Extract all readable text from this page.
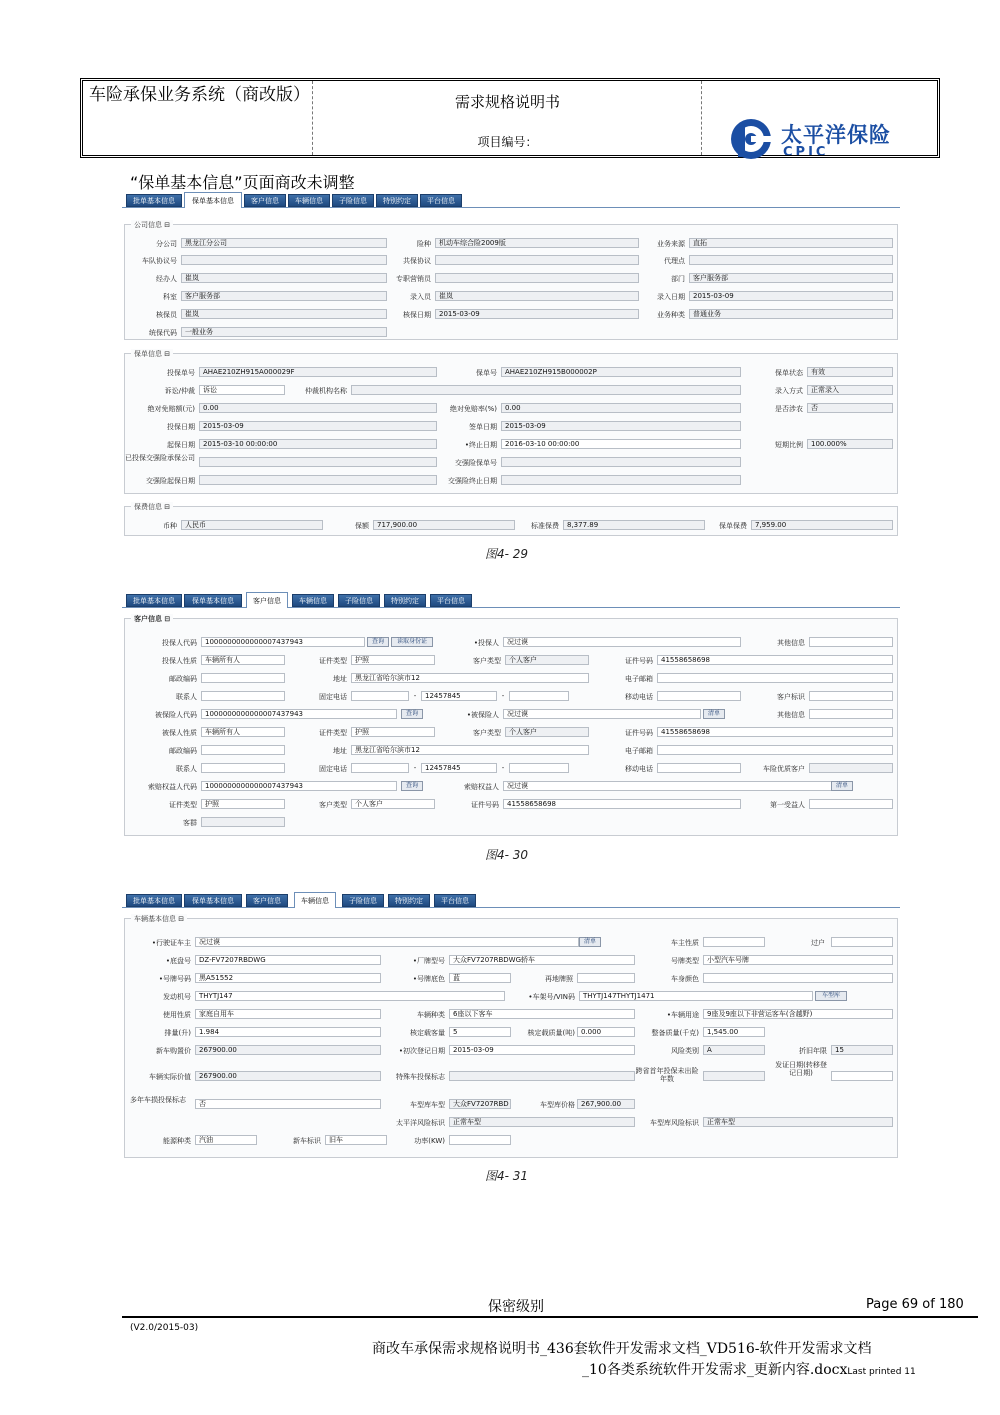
车险承保业务系统（商改版）	需求规格说明书
项目编号：	太平洋保险
CPIC
“保单基本信息”页面商改未调整
批单基本信息	保单基本信息	客户信息	车辆信息	子险信息	特别约定	平台信息
公司信息 ⊟
分公司	黑龙江分公司	险种	机动车综合险2009版	业务来源	直拓
车队协议号	共保协议	代理点
经办人	崔岚	专职营销员	部门	客户服务部
科室	客户服务部	录入员	崔岚	录入日期	2015-03-09
核保员	崔岚	核保日期	2015-03-09	业务种类	普通业务
统保代码	一般业务
保单信息 ⊟
投保单号	AHAE210ZH915A000029F	保单号	AHAE210ZH915B000002P	保单状态	有效
诉讼/仲裁	诉讼	仲裁机构名称	录入方式	正常录入
绝对免赔额(元)	0.00	绝对免赔率(%)	0.00	是否涉农	否
投保日期	2015-03-09	签单日期	2015-03-09
起保日期	2015-03-10 00:00:00	•终止日期	2016-03-10 00:00:00	短期比例	100.000%
已投保交强险承保公司
交强险保单号
交强险起保日期	交强险终止日期
保费信息 ⊟
币种	人民币	保额	717,900.00	标准保费	8,377.89	保单保费	7,959.00
图4- 29
批单基本信息	保单基本信息	客户信息	车辆信息	子险信息	特别约定	平台信息
客户信息 ⊟
投保人代码	1000000000000007437943	查询	读取身份证	•投保人	况过谟	其他信息
投保人性质	车辆所有人	证件类型	护照	客户类型	个人客户	证件号码	41558658698
邮政编码	地址	黑龙江省哈尔滨市12	电子邮箱
联系人	固定电话	-	12457845	-	移动电话	客户标识
被保险人代码	1000000000000007437943	查询	•被保险人	况过谟	清单	其他信息
被保人性质	车辆所有人	证件类型	护照	客户类型	个人客户	证件号码	41558658698
邮政编码	地址	黑龙江省哈尔滨市12	电子邮箱
联系人	固定电话	-	12457845	-	移动电话	车险优质客户
索赔权益人代码	1000000000000007437943	查询	索赔权益人	况过谟	清单
证件类型	护照	客户类型	个人客户	证件号码	41558658698	第一受益人
客群
图4- 30
批单基本信息	保单基本信息	客户信息	车辆信息	子险信息	特别约定	平台信息
车辆基本信息 ⊟
•行驶证车主	况过谟	清单	车主性质	过户
•底盘号	DZ-FV7207RBDWG	•厂牌型号	大众FV7207RBDWG轿车	号牌类型	小型汽车号牌
•号牌号码	黑A51552	•号牌底色	蓝	再地牌照	车身颜色
发动机号	THYTJ147	•车架号/VIN码	THYTJ147THYTJ1471	车型库
使用性质	家庭自用车	车辆种类	6座以下客车	•车辆用途	9座及9座以下非营运客车(含越野)
排量(升)	1.984	核定载客量	5	核定载质量(吨) 0.000	整备质量(千克)	1,545.00
新车购置价	267900.00	•初次登记日期	2015-03-09	风险类别	A	折旧年限	15
车辆实际价值	267900.00	特殊车投保标志
跨省首年投保未出险年数
发证日期(转移登记日期)
多年车损投保标志	否	车型库车型	大众FV7207RBD	车型库价格 267,900.00
太平洋风险标识	正常车型	车型库风险标识	正常车型
能源种类	汽油	新车标识	旧车	功率(KW)
图4- 31
保密级别	Page 69 of 180
(V2.0/2015-03)
商改车承保需求规格说明书_436套软件开发需求文档_VD516-软件开发需求文档
_10各类系统软件开发需求_更新内容.docxLast printed 11
